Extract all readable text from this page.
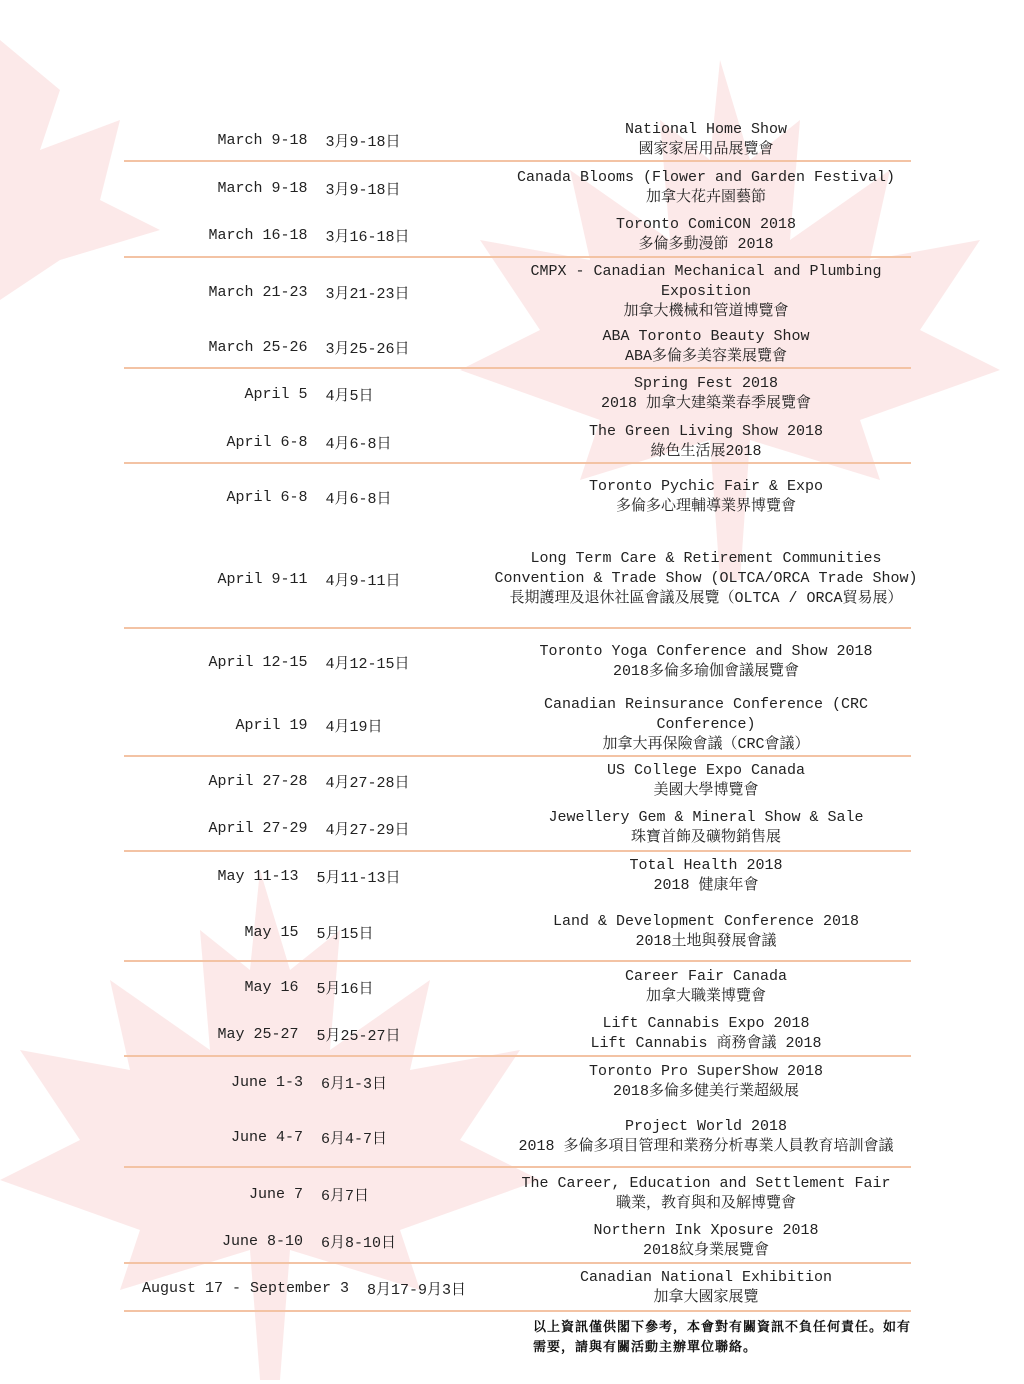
March 9-18
3月9-18日
National Home Show
國家家居用品展覽會
March 9-18
3月9-18日
Canada Blooms (Flower and Garden Festival)
加拿大花卉園藝節
March 16-18
3月16-18日
Toronto ComiCON 2018
多倫多動漫節 2018
March 21-23
3月21-23日
CMPX - Canadian Mechanical and Plumbing Exposition
加拿大機械和管道博覽會
March 25-26
3月25-26日
ABA Toronto Beauty Show
ABA多倫多美容業展覽會
April 5
4月5日
Spring Fest 2018
2018 加拿大建築業春季展覽會
April 6-8
4月6-8日
The Green Living Show 2018
綠色生活展2018
April 6-8
4月6-8日
Toronto Pychic Fair & Expo
多倫多心理輔導業界博覽會
April 9-11
4月9-11日
Long Term Care & Retirement Communities Convention & Trade Show (OLTCA/ORCA Trade Show)
長期護理及退休社區會議及展覽（OLTCA / ORCA貿易展）
April 12-15
4月12-15日
Toronto Yoga Conference and Show 2018
2018多倫多瑜伽會議展覽會
April 19
4月19日
Canadian Reinsurance Conference (CRC Conference)
加拿大再保險會議（CRC會議）
April 27-28
4月27-28日
US College Expo Canada
美國大學博覽會
April 27-29
4月27-29日
Jewellery Gem & Mineral Show & Sale
珠寶首飾及礦物銷售展
May 11-13
5月11-13日
Total Health 2018
2018 健康年會
May 15
5月15日
Land & Development Conference 2018
2018土地與發展會議
May 16
5月16日
Career Fair Canada
加拿大職業博覽會
May 25-27
5月25-27日
Lift Cannabis Expo 2018
Lift Cannabis 商務會議 2018
June 1-3
6月1-3日
Toronto Pro SuperShow 2018
2018多倫多健美行業超級展
June 4-7
6月4-7日
Project World 2018
2018 多倫多項目管理和業務分析專業人員教育培訓會議
June 7
6月7日
The Career, Education and Settlement Fair
職業，教育與和及解博覽會
June 8-10
6月8-10日
Northern Ink Xposure 2018
2018紋身業展覽會
August 17 - September 3
8月17-9月3日
Canadian National Exhibition
加拿大國家展覽
以上資訊僅供閣下參考，本會對有關資訊不負任何責任。如有需要，請與有關活動主辦單位聯絡。
